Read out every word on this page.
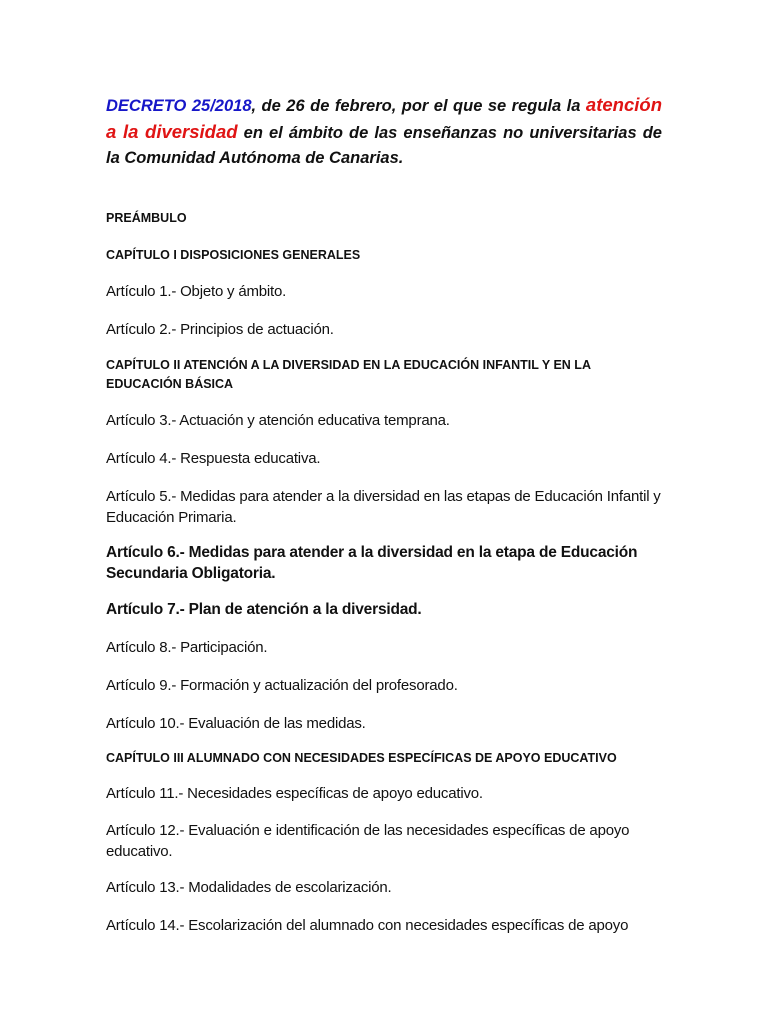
DECRETO 25/2018, de 26 de febrero, por el que se regula la atención a la diversidad en el ámbito de las enseñanzas no universitarias de la Comunidad Autónoma de Canarias.

PREÁMBULO

CAPÍTULO I DISPOSICIONES GENERALES

Artículo 1.- Objeto y ámbito.

Artículo 2.- Principios de actuación.

CAPÍTULO II ATENCIÓN A LA DIVERSIDAD EN LA EDUCACIÓN INFANTIL Y EN LA EDUCACIÓN BÁSICA

Artículo 3.- Actuación y atención educativa temprana.

Artículo 4.- Respuesta educativa.

Artículo 5.- Medidas para atender a la diversidad en las etapas de Educación Infantil y Educación Primaria.

Artículo 6.- Medidas para atender a la diversidad en la etapa de Educación Secundaria Obligatoria.

Artículo 7.- Plan de atención a la diversidad.

Artículo 8.- Participación.

Artículo 9.- Formación y actualización del profesorado.

Artículo 10.- Evaluación de las medidas.

CAPÍTULO III ALUMNADO CON NECESIDADES ESPECÍFICAS DE APOYO EDUCATIVO

Artículo 11.- Necesidades específicas de apoyo educativo.

Artículo 12.- Evaluación e identificación de las necesidades específicas de apoyo educativo.

Artículo 13.- Modalidades de escolarización.

Artículo 14.- Escolarización del alumnado con necesidades específicas de apoyo
